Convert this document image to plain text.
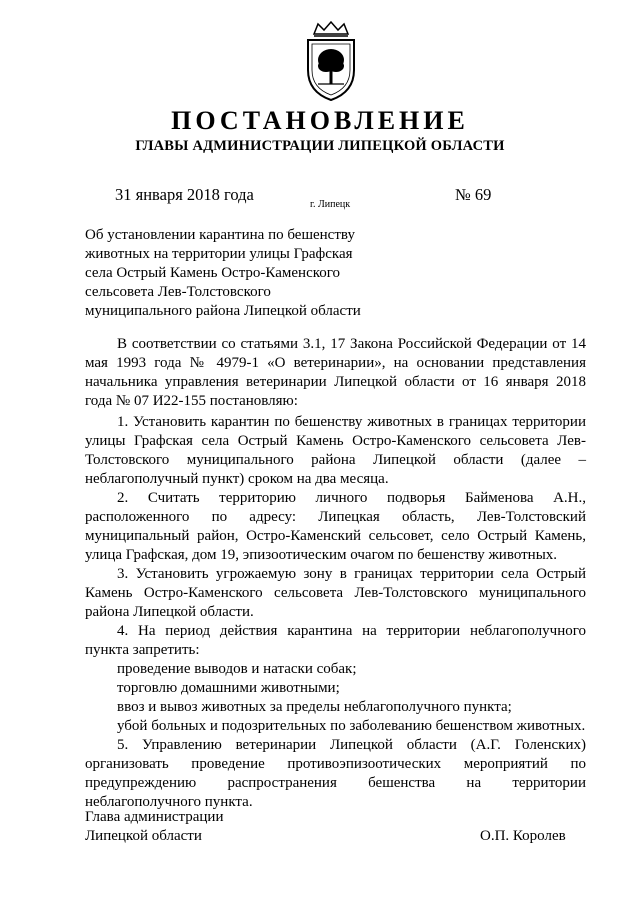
ПОСТАНОВЛЕНИЕ
ГЛАВЫ АДМИНИСТРАЦИИ ЛИПЕЦКОЙ ОБЛАСТИ
31 января 2018 года
г. Липецк
№ 69
Об установлении карантина по бешенству
животных на территории улицы Графская
села Острый Камень Остро-Каменского
сельсовета Лев-Толстовского
муниципального района Липецкой области

В соответствии со статьями 3.1, 17 Закона Российской Федерации от 14 мая 1993 года № 4979-1 «О ветеринарии», на основании представления начальника управления ветеринарии Липецкой области от 16 января 2018 года № 07 И22-155 постановляю:

1. Установить карантин по бешенству животных в границах территории улицы Графская села Острый Камень Остро-Каменского сельсовета Лев-Толстовского муниципального района Липецкой области (далее – неблагополучный пункт) сроком на два месяца.

2. Считать территорию личного подворья Байменова А.Н., расположенного по адресу: Липецкая область, Лев-Толстовский муниципальный район, Остро-Каменский сельсовет, село Острый Камень, улица Графская, дом 19, эпизоотическим очагом по бешенству животных.

3. Установить угрожаемую зону в границах территории села Острый Камень Остро-Каменского сельсовета Лев-Толстовского муниципального района Липецкой области.

4. На период действия карантина на территории неблагополучного пункта запретить:

проведение выводов и натаски собак;

торговлю домашними животными;

ввоз и вывоз животных за пределы неблагополучного пункта;

убой больных и подозрительных по заболеванию бешенством животных.

5. Управлению ветеринарии Липецкой области (А.Г. Голенских) организовать проведение противоэпизоотических мероприятий по предупреждению распространения бешенства на территории неблагополучного пункта.

Глава администрации
Липецкой области	О.П. Королев
